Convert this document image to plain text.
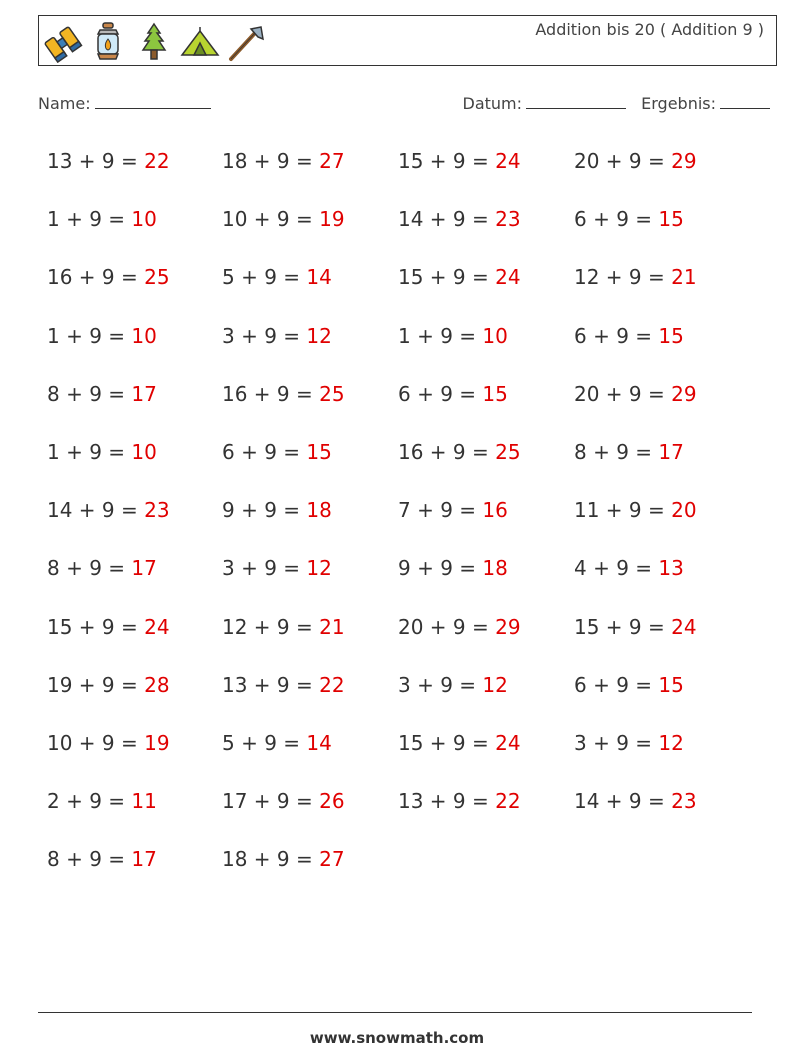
Addition bis 20 ( Addition 9 )
Name:	Datum:	Ergebnis:
13 + 9 = 22	18 + 9 = 27	15 + 9 = 24	20 + 9 = 29
1 + 9 = 10	10 + 9 = 19	14 + 9 = 23	6 + 9 = 15
16 + 9 = 25	5 + 9 = 14	15 + 9 = 24	12 + 9 = 21
1 + 9 = 10	3 + 9 = 12	1 + 9 = 10	6 + 9 = 15
8 + 9 = 17	16 + 9 = 25	6 + 9 = 15	20 + 9 = 29
1 + 9 = 10	6 + 9 = 15	16 + 9 = 25	8 + 9 = 17
14 + 9 = 23	9 + 9 = 18	7 + 9 = 16	11 + 9 = 20
8 + 9 = 17	3 + 9 = 12	9 + 9 = 18	4 + 9 = 13
15 + 9 = 24	12 + 9 = 21	20 + 9 = 29	15 + 9 = 24
19 + 9 = 28	13 + 9 = 22	3 + 9 = 12	6 + 9 = 15
10 + 9 = 19	5 + 9 = 14	15 + 9 = 24	3 + 9 = 12
2 + 9 = 11	17 + 9 = 26	13 + 9 = 22	14 + 9 = 23
8 + 9 = 17	18 + 9 = 27
www.snowmath.com
